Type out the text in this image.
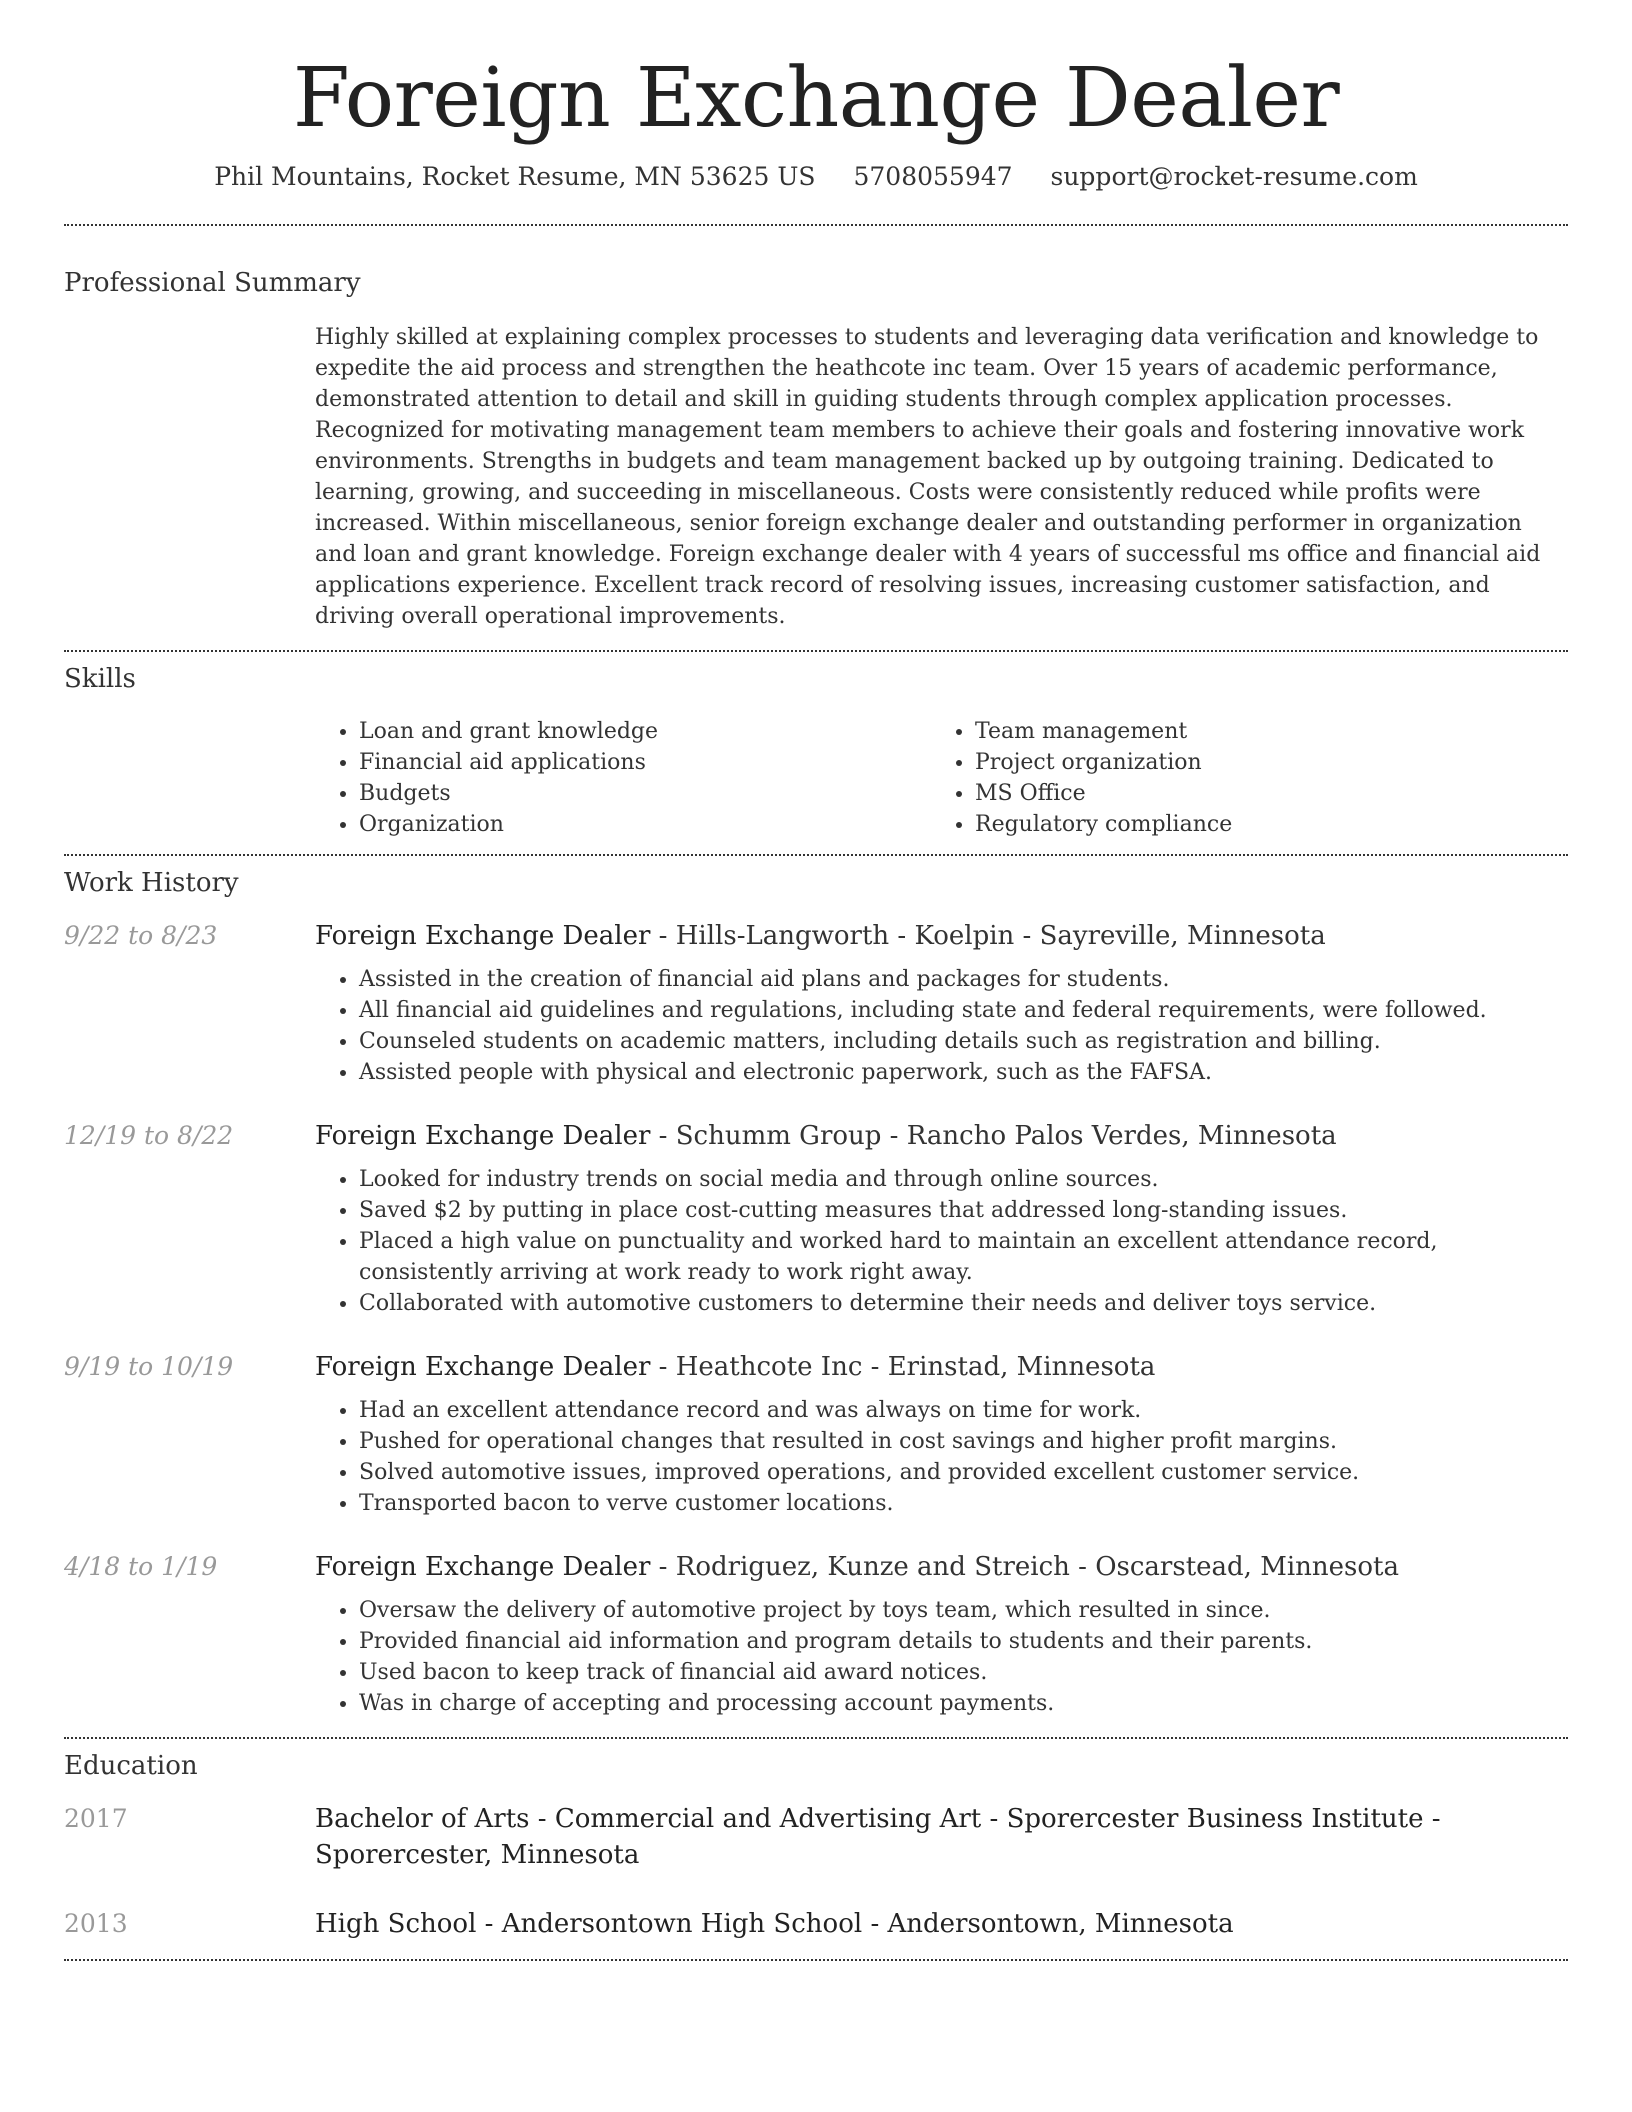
Foreign Exchange Dealer
Phil Mountains, Rocket Resume, MN 53625 US 5708055947 support@rocket-resume.com
Professional Summary

Highly skilled at explaining complex processes to students and leveraging data verification and knowledge to expedite the aid process and strengthen the heathcote inc team. Over 15 years of academic performance, demonstrated attention to detail and skill in guiding students through complex application processes. Recognized for motivating management team members to achieve their goals and fostering innovative work environments. Strengths in budgets and team management backed up by outgoing training. Dedicated to learning, growing, and succeeding in miscellaneous. Costs were consistently reduced while profits were increased. Within miscellaneous, senior foreign exchange dealer and outstanding performer in organization and loan and grant knowledge. Foreign exchange dealer with 4 years of successful ms office and financial aid applications experience. Excellent track record of resolving issues, increasing customer satisfaction, and driving overall operational improvements.

Skills
• Loan and grant knowledge
• Financial aid applications
• Budgets
• Organization
• Team management
• Project organization
• MS Office
• Regulatory compliance
Work History
9/22 to 8/23	Foreign Exchange Dealer - Hills-Langworth - Koelpin - Sayreville, Minnesota
• Assisted in the creation of financial aid plans and packages for students.
• All financial aid guidelines and regulations, including state and federal requirements, were followed.
• Counseled students on academic matters, including details such as registration and billing.
• Assisted people with physical and electronic paperwork, such as the FAFSA.
12/19 to 8/22	Foreign Exchange Dealer - Schumm Group - Rancho Palos Verdes, Minnesota
• Looked for industry trends on social media and through online sources.
• Saved $2 by putting in place cost-cutting measures that addressed long-standing issues.
• Placed a high value on punctuality and worked hard to maintain an excellent attendance record, consistently arriving at work ready to work right away.
• Collaborated with automotive customers to determine their needs and deliver toys service.
9/19 to 10/19	Foreign Exchange Dealer - Heathcote Inc - Erinstad, Minnesota
• Had an excellent attendance record and was always on time for work.
• Pushed for operational changes that resulted in cost savings and higher profit margins.
• Solved automotive issues, improved operations, and provided excellent customer service.
• Transported bacon to verve customer locations.
4/18 to 1/19	Foreign Exchange Dealer - Rodriguez, Kunze and Streich - Oscarstead, Minnesota
• Oversaw the delivery of automotive project by toys team, which resulted in since.
• Provided financial aid information and program details to students and their parents.
• Used bacon to keep track of financial aid award notices.
• Was in charge of accepting and processing account payments.
Education
2017	Bachelor of Arts - Commercial and Advertising Art - Sporercester Business Institute - Sporercester, Minnesota
2013	High School - Andersontown High School - Andersontown, Minnesota
